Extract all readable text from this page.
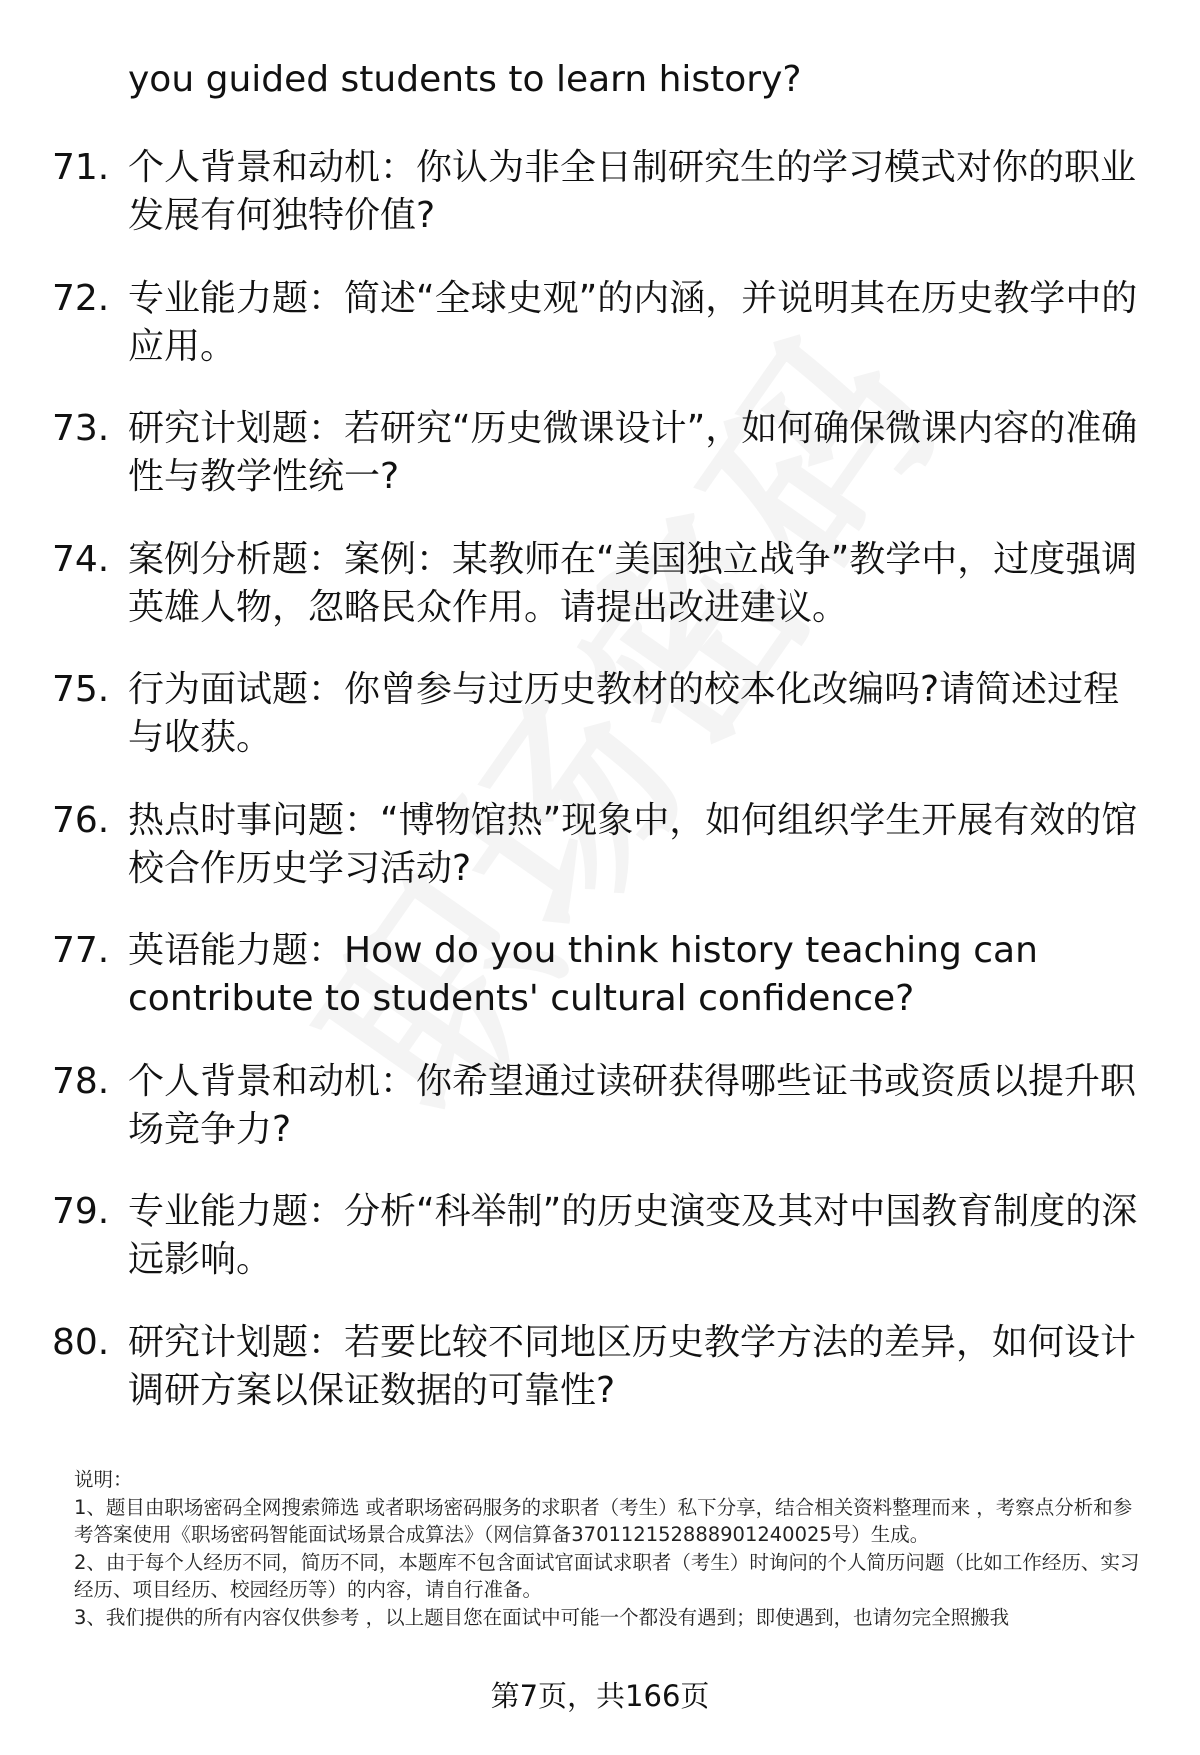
you guided students to learn history?
71. 个人背景和动机：你认为非全日制研究生的学习模式对你的职业发展有何独特价值?
72. 专业能力题：简述“全球史观”的内涵，并说明其在历史教学中的应用。
73. 研究计划题：若研究“历史微课设计”，如何确保微课内容的准确性与教学性统一?
74. 案例分析题：案例：某教师在“美国独立战争”教学中，过度强调英雄人物，忽略民众作用。请提出改进建议。
75. 行为面试题：你曾参与过历史教材的校本化改编吗?请简述过程与收获。
76. 热点时事问题：“博物馆热”现象中，如何组织学生开展有效的馆校合作历史学习活动?
77. 英语能力题：How do you think history teaching can contribute to students' cultural confidence?
78. 个人背景和动机：你希望通过读研获得哪些证书或资质以提升职场竞争力?
79. 专业能力题：分析“科举制”的历史演变及其对中国教育制度的深远影响。
80. 研究计划题：若要比较不同地区历史教学方法的差异，如何设计调研方案以保证数据的可靠性?

说明：

1、题目由职场密码全网搜索筛选 或者职场密码服务的求职者（考生）私下分享，结合相关资料整理而来 ，考察点分析和参考答案使用《职场密码智能面试场景合成算法》（网信算备370112152888901240025号）生成。

2、由于每个人经历不同，简历不同，本题库不包含面试官面试求职者（考生）时询问的个人简历问题（比如工作经历、实习经历、项目经历、校园经历等）的内容，请自行准备。

3、我们提供的所有内容仅供参考 ，以上题目您在面试中可能一个都没有遇到；即使遇到，也请勿完全照搬我

第7页，共166页
